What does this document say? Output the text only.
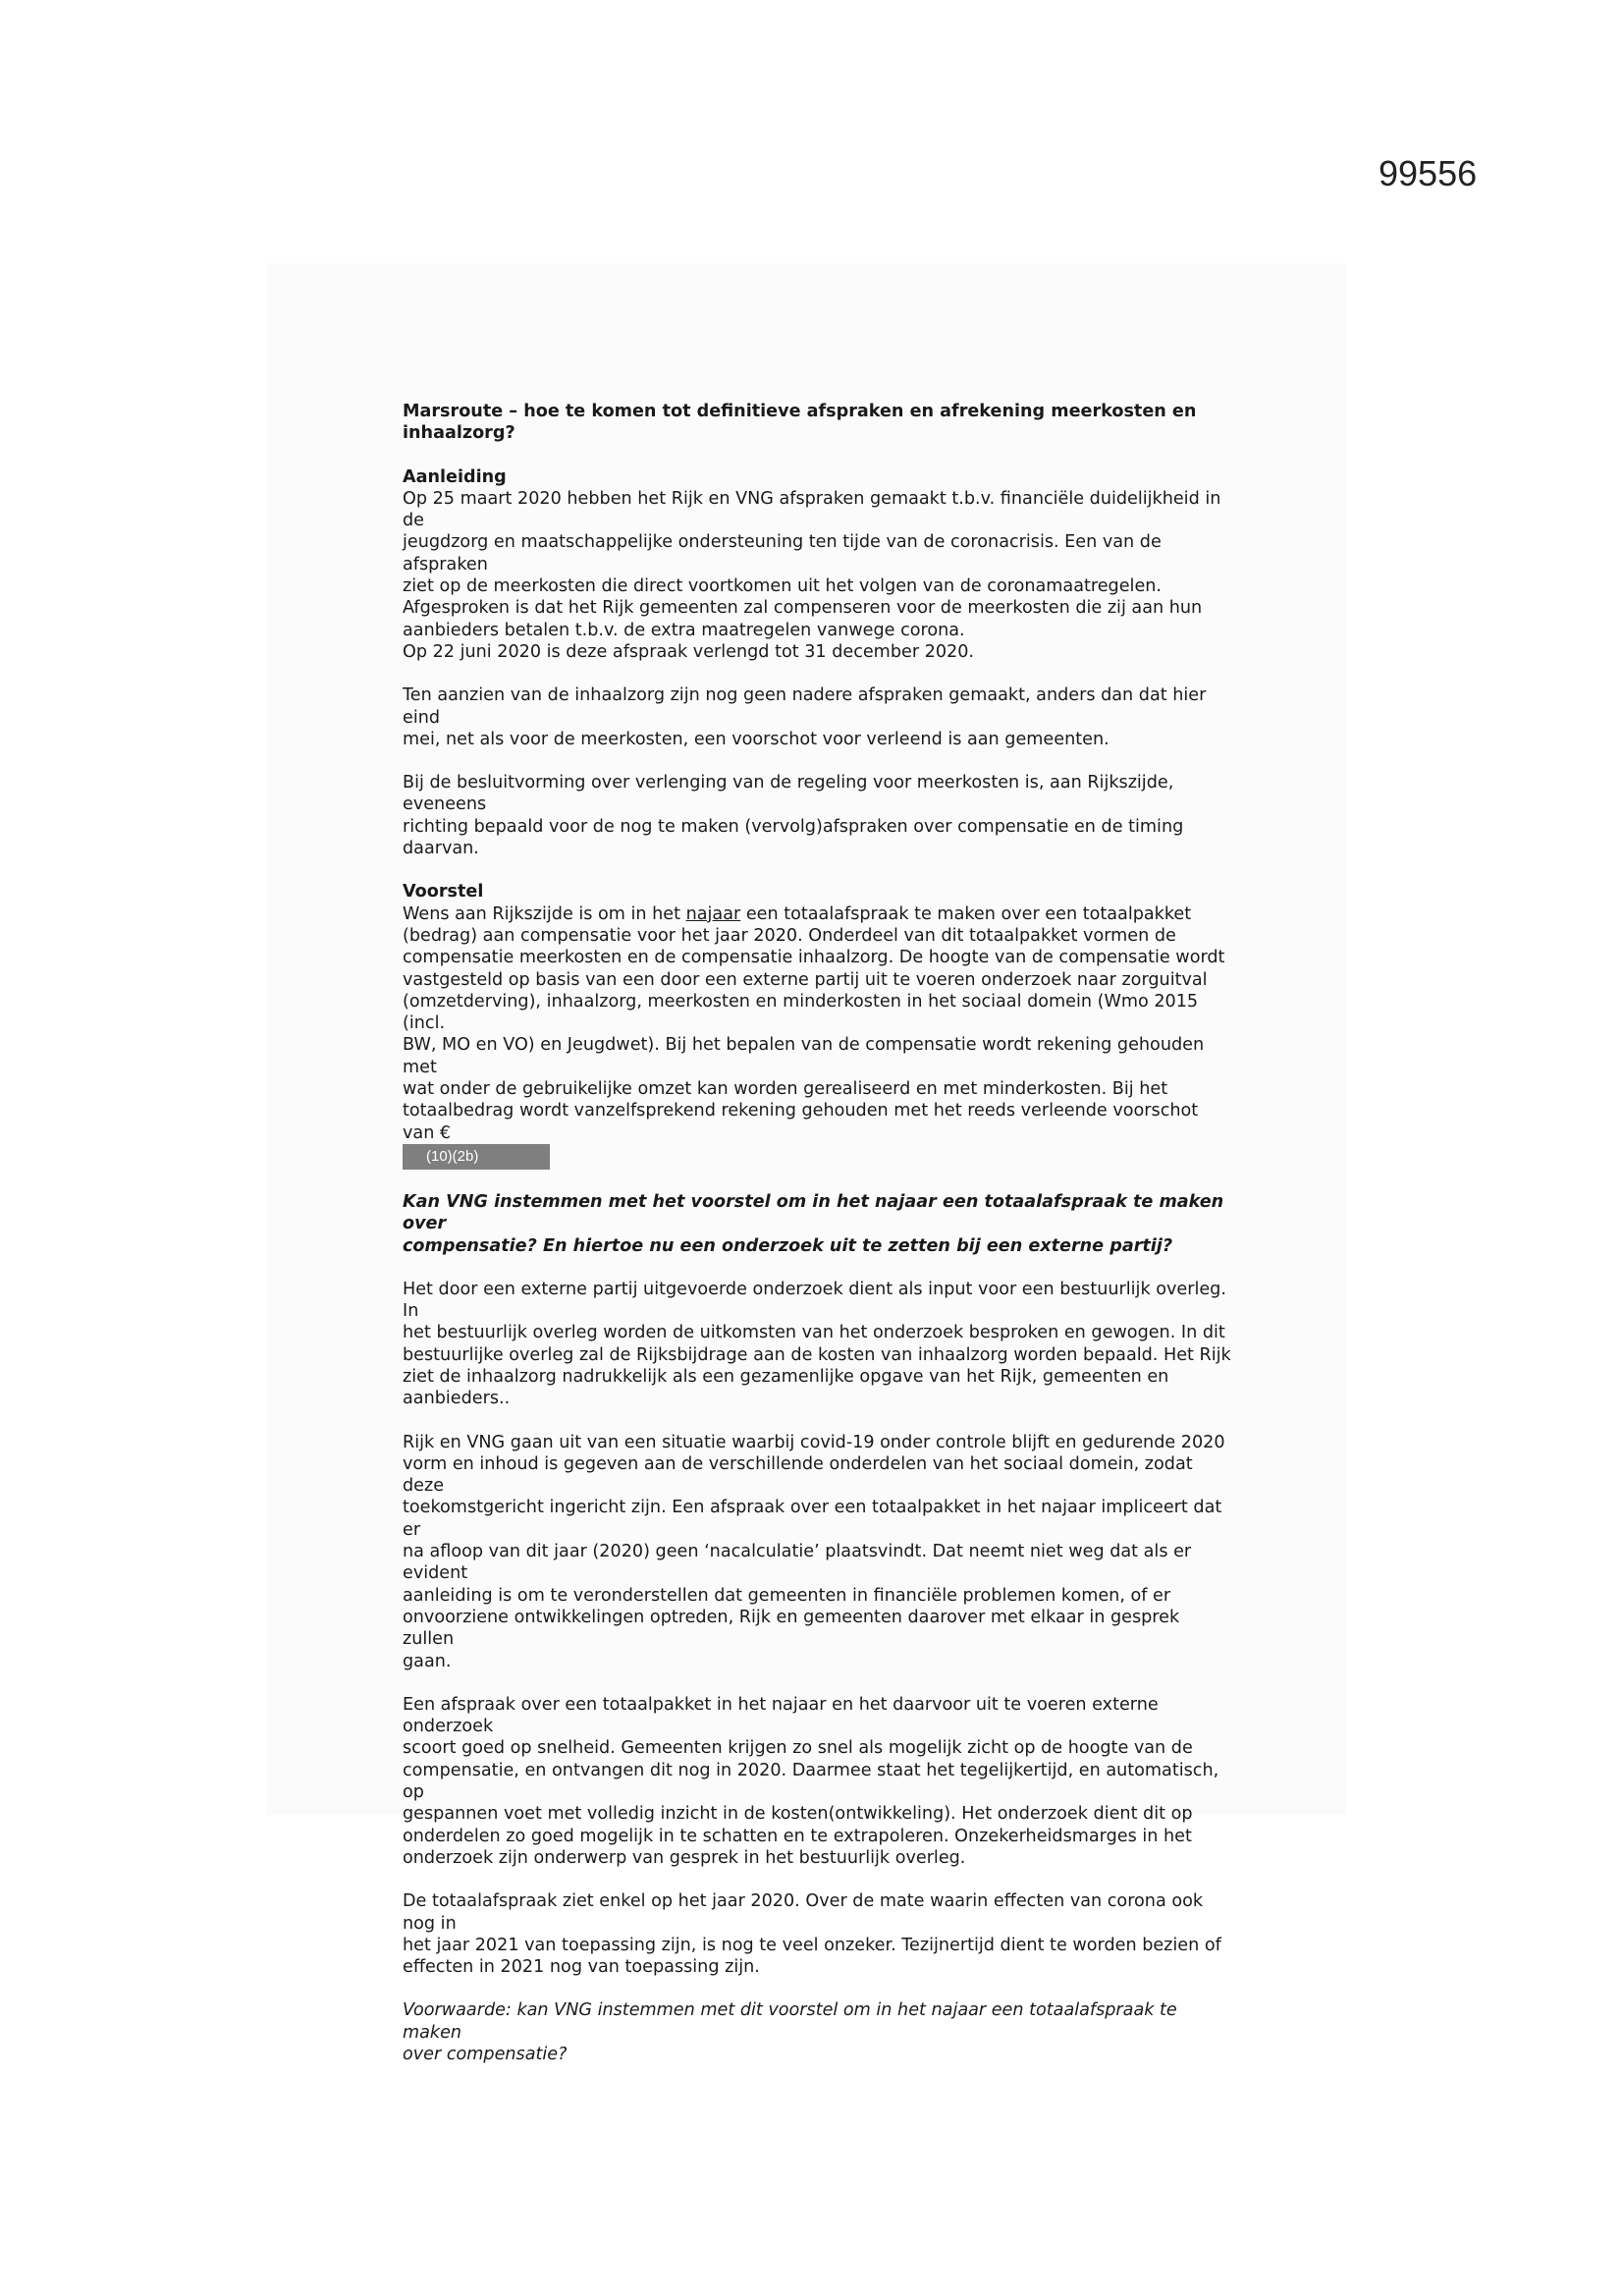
99556

Marsroute – hoe te komen tot definitieve afspraken en afrekening meerkosten en
inhaalzorg?

Aanleiding
Op 25 maart 2020 hebben het Rijk en VNG afspraken gemaakt t.b.v. financiële duidelijkheid in de
jeugdzorg en maatschappelijke ondersteuning ten tijde van de coronacrisis. Een van de afspraken
ziet op de meerkosten die direct voortkomen uit het volgen van de coronamaatregelen.
Afgesproken is dat het Rijk gemeenten zal compenseren voor de meerkosten die zij aan hun
aanbieders betalen t.b.v. de extra maatregelen vanwege corona.
Op 22 juni 2020 is deze afspraak verlengd tot 31 december 2020.

Ten aanzien van de inhaalzorg zijn nog geen nadere afspraken gemaakt, anders dan dat hier eind
mei, net als voor de meerkosten, een voorschot voor verleend is aan gemeenten.

Bij de besluitvorming over verlenging van de regeling voor meerkosten is, aan Rijkszijde, eveneens
richting bepaald voor de nog te maken (vervolg)afspraken over compensatie en de timing daarvan.

Voorstel
Wens aan Rijkszijde is om in het najaar een totaalafspraak te maken over een totaalpakket
(bedrag) aan compensatie voor het jaar 2020. Onderdeel van dit totaalpakket vormen de
compensatie meerkosten en de compensatie inhaalzorg. De hoogte van de compensatie wordt
vastgesteld op basis van een door een externe partij uit te voeren onderzoek naar zorguitval
(omzetderving), inhaalzorg, meerkosten en minderkosten in het sociaal domein (Wmo 2015 (incl.
BW, MO en VO) en Jeugdwet). Bij het bepalen van de compensatie wordt rekening gehouden met
wat onder de gebruikelijke omzet kan worden gerealiseerd en met minderkosten. Bij het
totaalbedrag wordt vanzelfsprekend rekening gehouden met het reeds verleende voorschot van €
(10)(2b)

Kan VNG instemmen met het voorstel om in het najaar een totaalafspraak te maken over
compensatie? En hiertoe nu een onderzoek uit te zetten bij een externe partij?

Het door een externe partij uitgevoerde onderzoek dient als input voor een bestuurlijk overleg. In
het bestuurlijk overleg worden de uitkomsten van het onderzoek besproken en gewogen. In dit
bestuurlijke overleg zal de Rijksbijdrage aan de kosten van inhaalzorg worden bepaald. Het Rijk
ziet de inhaalzorg nadrukkelijk als een gezamenlijke opgave van het Rijk, gemeenten en
aanbieders..

Rijk en VNG gaan uit van een situatie waarbij covid-19 onder controle blijft en gedurende 2020
vorm en inhoud is gegeven aan de verschillende onderdelen van het sociaal domein, zodat deze
toekomstgericht ingericht zijn. Een afspraak over een totaalpakket in het najaar impliceert dat er
na afloop van dit jaar (2020) geen ‘nacalculatie’ plaatsvindt. Dat neemt niet weg dat als er evident
aanleiding is om te veronderstellen dat gemeenten in financiële problemen komen, of er
onvoorziene ontwikkelingen optreden, Rijk en gemeenten daarover met elkaar in gesprek zullen
gaan.

Een afspraak over een totaalpakket in het najaar en het daarvoor uit te voeren externe onderzoek
scoort goed op snelheid. Gemeenten krijgen zo snel als mogelijk zicht op de hoogte van de
compensatie, en ontvangen dit nog in 2020. Daarmee staat het tegelijkertijd, en automatisch, op
gespannen voet met volledig inzicht in de kosten(ontwikkeling). Het onderzoek dient dit op
onderdelen zo goed mogelijk in te schatten en te extrapoleren. Onzekerheidsmarges in het
onderzoek zijn onderwerp van gesprek in het bestuurlijk overleg.

De totaalafspraak ziet enkel op het jaar 2020. Over de mate waarin effecten van corona ook nog in
het jaar 2021 van toepassing zijn, is nog te veel onzeker. Tezijnertijd dient te worden bezien of
effecten in 2021 nog van toepassing zijn.

Voorwaarde: kan VNG instemmen met dit voorstel om in het najaar een totaalafspraak te maken
over compensatie?
